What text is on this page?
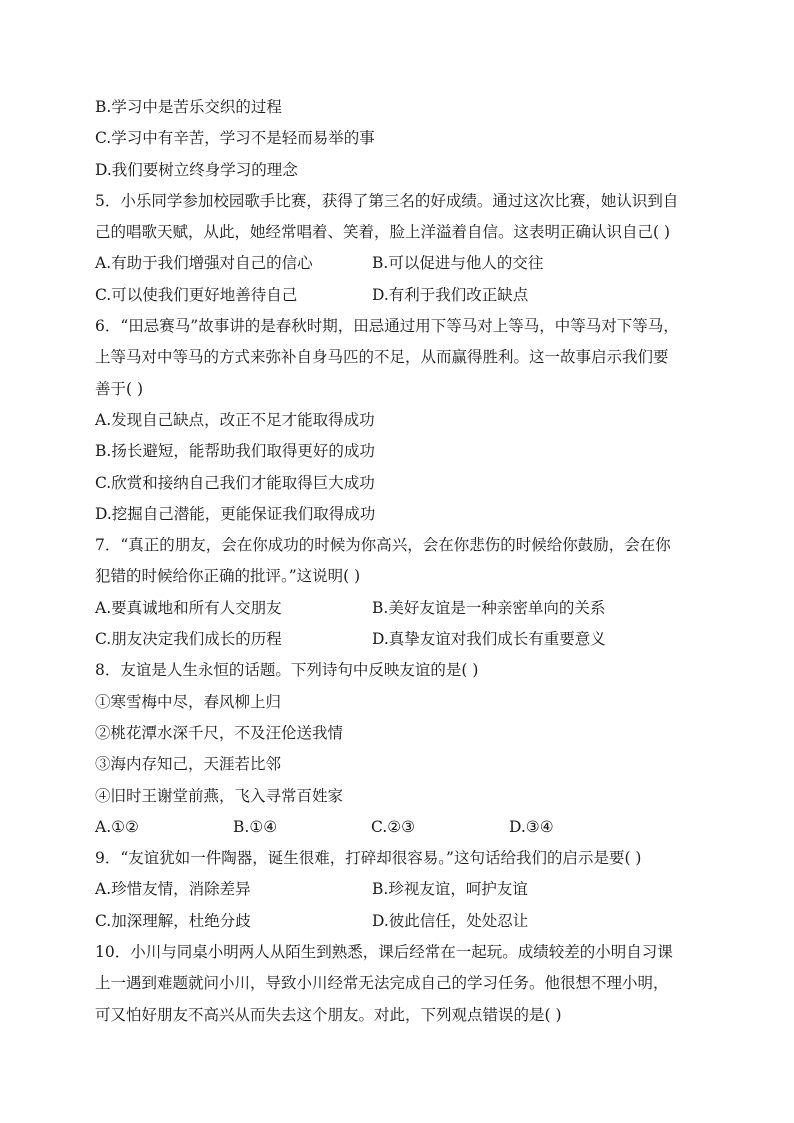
B.学习中是苦乐交织的过程
C.学习中有辛苦，学习不是轻而易举的事
D.我们要树立终身学习的理念
5．小乐同学参加校园歌手比赛，获得了第三名的好成绩。通过这次比赛，她认识到自
己的唱歌天赋，从此，她经常唱着、笑着，脸上洋溢着自信。这表明正确认识自己( )
A.有助于我们增强对自己的信心	B.可以促进与他人的交往
C.可以使我们更好地善待自己	D.有利于我们改正缺点
6．“田忌赛马”故事讲的是春秋时期，田忌通过用下等马对上等马，中等马对下等马，
上等马对中等马的方式来弥补自身马匹的不足，从而赢得胜利。这一故事启示我们要
善于( )
A.发现自己缺点，改正不足才能取得成功
B.扬长避短，能帮助我们取得更好的成功
C.欣赏和接纳自己我们才能取得巨大成功
D.挖掘自己潜能，更能保证我们取得成功
7．“真正的朋友，会在你成功的时候为你高兴，会在你悲伤的时候给你鼓励，会在你
犯错的时候给你正确的批评。”这说明( )
A.要真诚地和所有人交朋友	B.美好友谊是一种亲密单向的关系
C.朋友决定我们成长的历程	D.真挚友谊对我们成长有重要意义
8．友谊是人生永恒的话题。下列诗句中反映友谊的是( )
①寒雪梅中尽，春风柳上归
②桃花潭水深千尺，不及汪伦送我情
③海内存知己，天涯若比邻
④旧时王谢堂前燕，飞入寻常百姓家
A.①②	B.①④	C.②③	D.③④
9．“友谊犹如一件陶器，诞生很难，打碎却很容易。”这句话给我们的启示是要( )
A.珍惜友情，消除差异	B.珍视友谊，呵护友谊
C.加深理解，杜绝分歧	D.彼此信任，处处忍让
10．小川与同桌小明两人从陌生到熟悉，课后经常在一起玩。成绩较差的小明自习课
上一遇到难题就问小川，导致小川经常无法完成自己的学习任务。他很想不理小明，
可又怕好朋友不高兴从而失去这个朋友。对此，下列观点错误的是( )
